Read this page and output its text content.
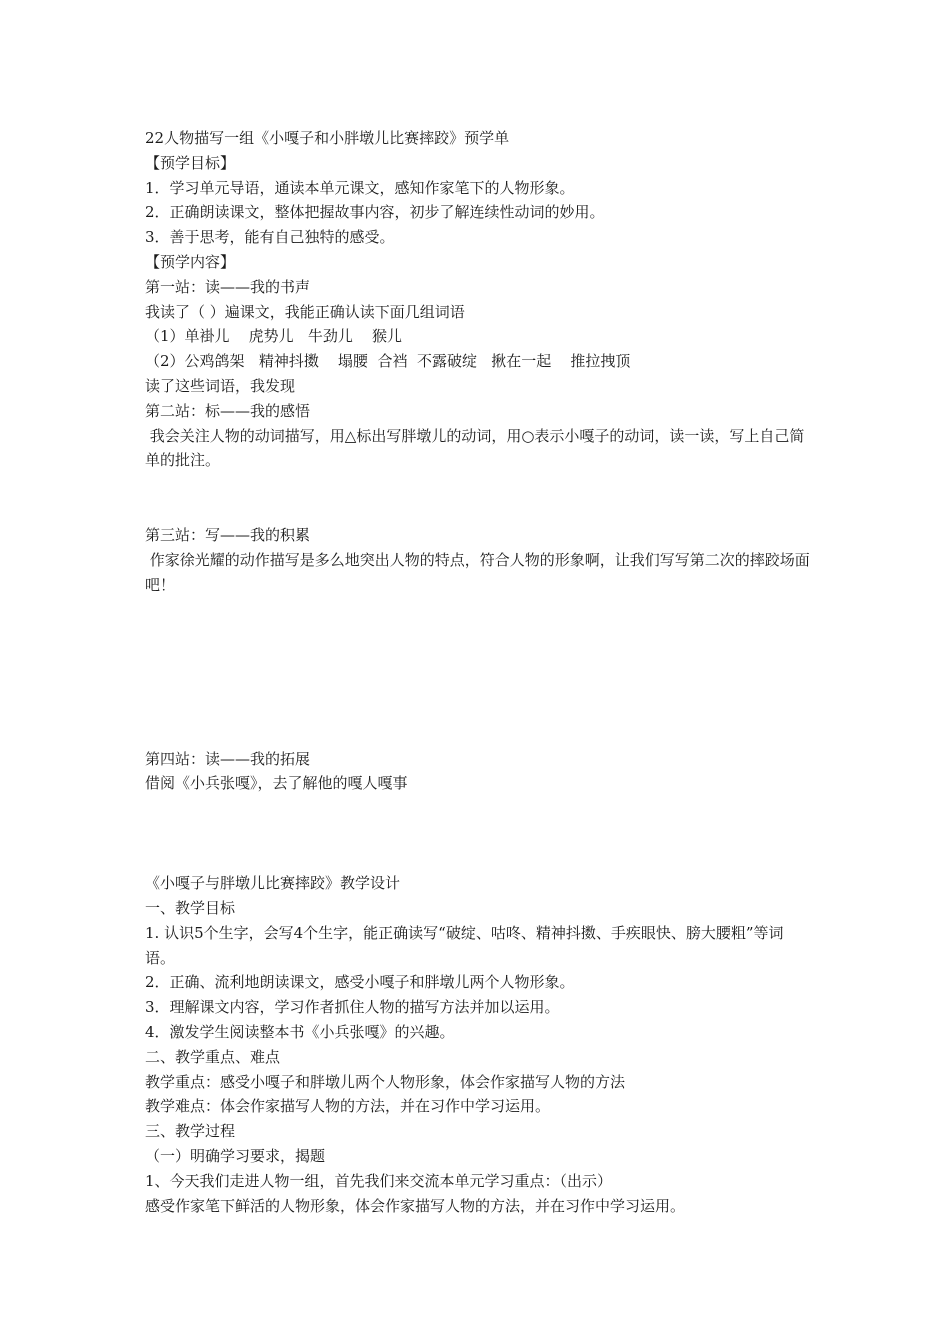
22人物描写一组《小嘎子和小胖墩儿比赛摔跤》预学单

【预学目标】

1．学习单元导语，通读本单元课文，感知作家笔下的人物形象。

2．正确朗读课文，整体把握故事内容，初步了解连续性动词的妙用。

3．善于思考，能有自己独特的感受。

【预学内容】

第一站：读——我的书声

我读了（ ）遍课文，我能正确认读下面几组词语

（1）单褂儿    虎势儿   牛劲儿    猴儿

（2）公鸡鸽架   精神抖擞    塌腰  合裆  不露破绽   揪在一起    推拉拽顶

读了这些词语，我发现

第二站：标——我的感悟

我会关注人物的动词描写，用△标出写胖墩儿的动词，用○表示小嘎子的动词，读一读，写上自己简单的批注。

第三站：写——我的积累

作家徐光耀的动作描写是多么地突出人物的特点，符合人物的形象啊，让我们写写第二次的摔跤场面吧！

第四站：读——我的拓展

借阅《小兵张嘎》，去了解他的嘎人嘎事

《小嘎子与胖墩儿比赛摔跤》教学设计

一、教学目标

1. 认识5个生字，会写4个生字，能正确读写“破绽、咕咚、精神抖擞、手疾眼快、膀大腰粗”等词语。

2．正确、流利地朗读课文，感受小嘎子和胖墩儿两个人物形象。

3．理解课文内容，学习作者抓住人物的描写方法并加以运用。

4．激发学生阅读整本书《小兵张嘎》的兴趣。

二、教学重点、难点

教学重点：感受小嘎子和胖墩儿两个人物形象，体会作家描写人物的方法

教学难点：体会作家描写人物的方法，并在习作中学习运用。

三、教学过程

（一）明确学习要求，揭题

1、今天我们走进人物一组，首先我们来交流本单元学习重点：（出示）

感受作家笔下鲜活的人物形象，体会作家描写人物的方法，并在习作中学习运用。
